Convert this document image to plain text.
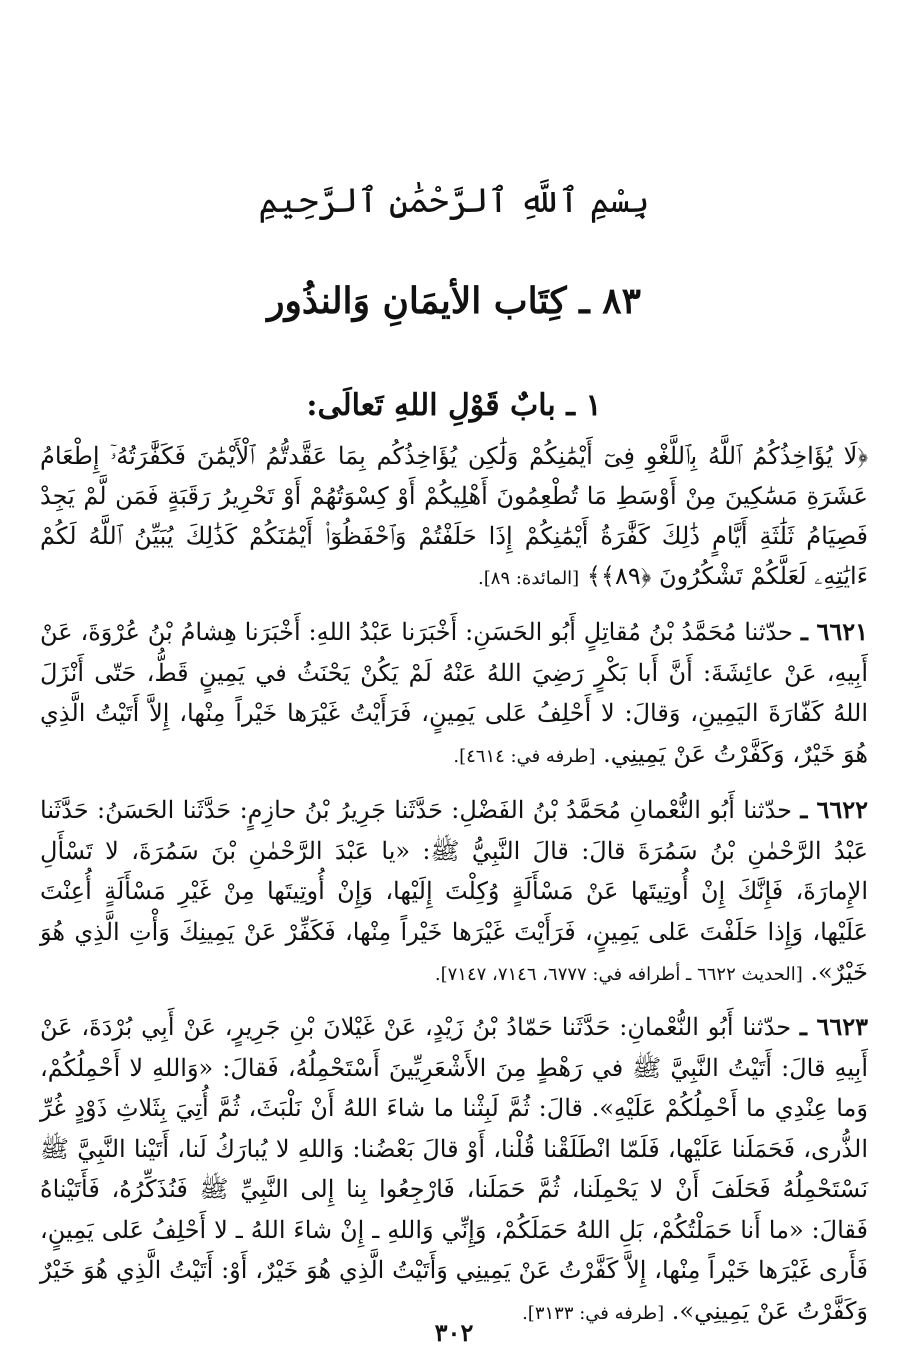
بِسْمِ ٱللَّهِ ٱلرَّحْمَٰنِ ٱلرَّحِيمِ
٨٣ ـ كِتَاب الأيمَانِ وَالنذُور
١ ـ بابٌ قَوْلِ اللهِ تَعالَى:
﴿لَا يُؤَاخِذُكُمُ ٱللَّهُ بِٱللَّغْوِ فِىٓ أَيْمَٰنِكُمْ وَلَٰكِن يُؤَاخِذُكُم بِمَا عَقَّدتُّمُ ٱلْأَيْمَٰنَ فَكَفَّٰرَتُهُۥٓ إِطْعَامُ عَشَرَةِ مَسَٰكِينَ مِنْ أَوْسَطِ مَا تُطْعِمُونَ أَهْلِيكُمْ أَوْ كِسْوَتُهُمْ أَوْ تَحْرِيرُ رَقَبَةٍ فَمَن لَّمْ يَجِدْ فَصِيَامُ ثَلَٰثَةِ أَيَّامٍ ذَٰلِكَ كَفَّٰرَةُ أَيْمَٰنِكُمْ إِذَا حَلَفْتُمْ وَٱحْفَظُوٓا۟ أَيْمَٰنَكُمْ كَذَٰلِكَ يُبَيِّنُ ٱللَّهُ لَكُمْ ءَايَٰتِهِۦ لَعَلَّكُمْ تَشْكُرُونَ ﴿٨٩﴾﴾ [المائدة: ٨٩].
٦٦٢١ ـ حدّثنا مُحَمَّدُ بْنُ مُقاتِلٍ أَبُو الحَسَنِ: أَخْبَرَنا عَبْدُ اللهِ: أَخْبَرَنا هِشامُ بْنُ عُرْوَةَ، عَنْ أَبِيهِ، عَنْ عائِشَةَ: أَنَّ أَبا بَكْرٍ رَضِيَ اللهُ عَنْهُ لَمْ يَكُنْ يَحْنَثُ في يَمِينٍ قَطُّ، حَتّى أَنْزَلَ اللهُ كَفّارَةَ اليَمِينِ، وَقالَ: لا أَحْلِفُ عَلى يَمِينٍ، فَرَأَيْتُ غَيْرَها خَيْراً مِنْها، إِلاَّ أَتَيْتُ الَّذِي هُوَ خَيْرٌ، وَكَفَّرْتُ عَنْ يَمِينِي. [طرفه في: ٤٦١٤].
٦٦٢٢ ـ حدّثنا أَبُو النُّعْمانِ مُحَمَّدُ بْنُ الفَضْلِ: حَدَّثَنا جَرِيرُ بْنُ حازِمٍ: حَدَّثَنا الحَسَنُ: حَدَّثَنا عَبْدُ الرَّحْمٰنِ بْنُ سَمُرَةَ قالَ: قالَ النَّبِيُّ ﷺ: «يا عَبْدَ الرَّحْمٰنِ بْنَ سَمُرَةَ، لا تَسْأَلِ الإِمارَةَ، فَإِنَّكَ إِنْ أُوتِيتَها عَنْ مَسْأَلَةٍ وُكِلْتَ إِلَيْها، وَإِنْ أُوتِيتَها مِنْ غَيْرِ مَسْأَلَةٍ أُعِنْتَ عَلَيْها، وَإِذا حَلَفْتَ عَلى يَمِينٍ، فَرَأَيْتَ غَيْرَها خَيْراً مِنْها، فَكَفِّرْ عَنْ يَمِينِكَ وَأْتِ الَّذِي هُوَ خَيْرٌ». [الحديث ٦٦٢٢ ـ أطرافه في: ٦٧٧٧، ٧١٤٦، ٧١٤٧].
٦٦٢٣ ـ حدّثنا أَبُو النُّعْمانِ: حَدَّثَنا حَمّادُ بْنُ زَيْدٍ، عَنْ غَيْلانَ بْنِ جَرِيرٍ، عَنْ أَبِي بُرْدَةَ، عَنْ أَبِيهِ قالَ: أَتَيْتُ النَّبِيَّ ﷺ في رَهْطٍ مِنَ الأَشْعَرِيِّينَ أَسْتَحْمِلُهُ، فَقالَ: «وَاللهِ لا أَحْمِلُكُمْ، وَما عِنْدِي ما أَحْمِلُكُمْ عَلَيْهِ». قالَ: ثُمَّ لَبِثْنا ما شاءَ اللهُ أَنْ نَلْبَثَ، ثُمَّ أُتِيَ بِثَلاثِ ذَوْدٍ غُرِّ الذُّرى، فَحَمَلَنا عَلَيْها، فَلَمّا انْطَلَقْنا قُلْنا، أَوْ قالَ بَعْضُنا: وَاللهِ لا يُبارَكُ لَنا، أَتَيْنا النَّبِيَّ ﷺ نَسْتَحْمِلُهُ فَحَلَفَ أَنْ لا يَحْمِلَنا، ثُمَّ حَمَلَنا، فَارْجِعُوا بِنا إِلى النَّبِيِّ ﷺ فَنُذَكِّرُهُ، فَأَتَيْناهُ فَقالَ: «ما أَنا حَمَلْتُكُمْ، بَلِ اللهُ حَمَلَكُمْ، وَإِنِّي وَاللهِ ـ إِنْ شاءَ اللهُ ـ لا أَحْلِفُ عَلى يَمِينٍ، فَأَرى غَيْرَها خَيْراً مِنْها، إِلاَّ كَفَّرْتُ عَنْ يَمِينِي وَأَتَيْتُ الَّذِي هُوَ خَيْرٌ، أَوْ: أَتَيْتُ الَّذِي هُوَ خَيْرٌ وَكَفَّرْتُ عَنْ يَمِينِي». [طرفه في: ٣١٣٣].
٣٠٢
